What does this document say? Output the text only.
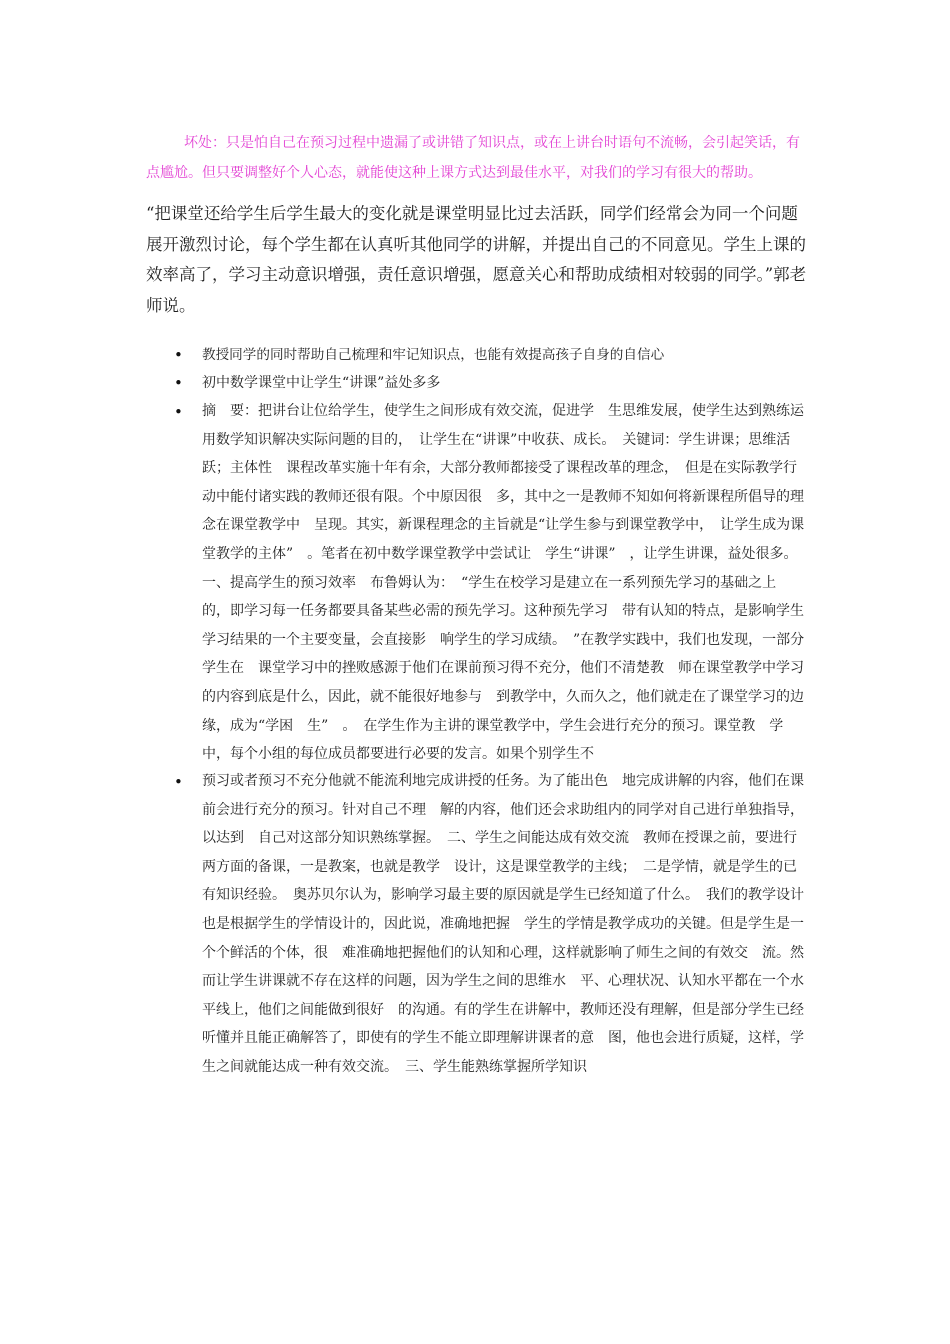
坏处：只是怕自己在预习过程中遗漏了或讲错了知识点，或在上讲台时语句不流畅，会引起笑话，有点尴尬。但只要调整好个人心态，就能使这种上课方式达到最佳水平，对我们的学习有很大的帮助。

“把课堂还给学生后学生最大的变化就是课堂明显比过去活跃，同学们经常会为同一个问题展开激烈讨论，每个学生都在认真听其他同学的讲解，并提出自己的不同意见。学生上课的效率高了，学习主动意识增强，责任意识增强，愿意关心和帮助成绩相对较弱的同学。”郭老师说。

• 教授同学的同时帮助自己梳理和牢记知识点，也能有效提高孩子自身的自信心

• 初中数学课堂中让学生“讲课”益处多多

• 摘　要：把讲台让位给学生，使学生之间形成有效交流，促进学　生思维发展，使学生达到熟练运用数学知识解决实际问题的目的，　让学生在“讲课”中收获、成长。　关键词：学生讲课；思维活跃；主体性　课程改革实施十年有余，大部分教师都接受了课程改革的理念，　但是在实际教学行动中能付诸实践的教师还很有限。个中原因很　多，其中之一是教师不知如何将新课程所倡导的理念在课堂教学中　呈现。其实，新课程理念的主旨就是“让学生参与到课堂教学中，　让学生成为课堂教学的主体”　。笔者在初中数学课堂教学中尝试让　学生“讲课”　，让学生讲课，益处很多。　一、提高学生的预习效率　布鲁姆认为：　“学生在校学习是建立在一系列预先学习的基础之上　的，即学习每一任务都要具备某些必需的预先学习。这种预先学习　带有认知的特点，是影响学生学习结果的一个主要变量，会直接影　响学生的学习成绩。　”在教学实践中，我们也发现，一部分学生在　课堂学习中的挫败感源于他们在课前预习得不充分，他们不清楚教　师在课堂教学中学习的内容到底是什么，因此，就不能很好地参与　到教学中，久而久之，他们就走在了课堂学习的边缘，成为“学困　生”　。　在学生作为主讲的课堂教学中，学生会进行充分的预习。课堂教　学中，每个小组的每位成员都要进行必要的发言。如果个别学生不

• 预习或者预习不充分他就不能流利地完成讲授的任务。为了能出色　地完成讲解的内容，他们在课前会进行充分的预习。针对自己不理　解的内容，他们还会求助组内的同学对自己进行单独指导，以达到　自己对这部分知识熟练掌握。　二、学生之间能达成有效交流　教师在授课之前，要进行两方面的备课，一是教案，也就是教学　设计，这是课堂教学的主线；　二是学情，就是学生的已有知识经验。　奥苏贝尔认为，影响学习最主要的原因就是学生已经知道了什么。　我们的教学设计也是根据学生的学情设计的，因此说，准确地把握　学生的学情是教学成功的关键。但是学生是一个个鲜活的个体，很　难准确地把握他们的认知和心理，这样就影响了师生之间的有效交　流。然而让学生讲课就不存在这样的问题，因为学生之间的思维水　平、心理状况、认知水平都在一个水平线上，他们之间能做到很好　的沟通。有的学生在讲解中，教师还没有理解，但是部分学生已经　听懂并且能正确解答了，即使有的学生不能立即理解讲课者的意　图，他也会进行质疑，这样，学生之间就能达成一种有效交流。　三、学生能熟练掌握所学知识
